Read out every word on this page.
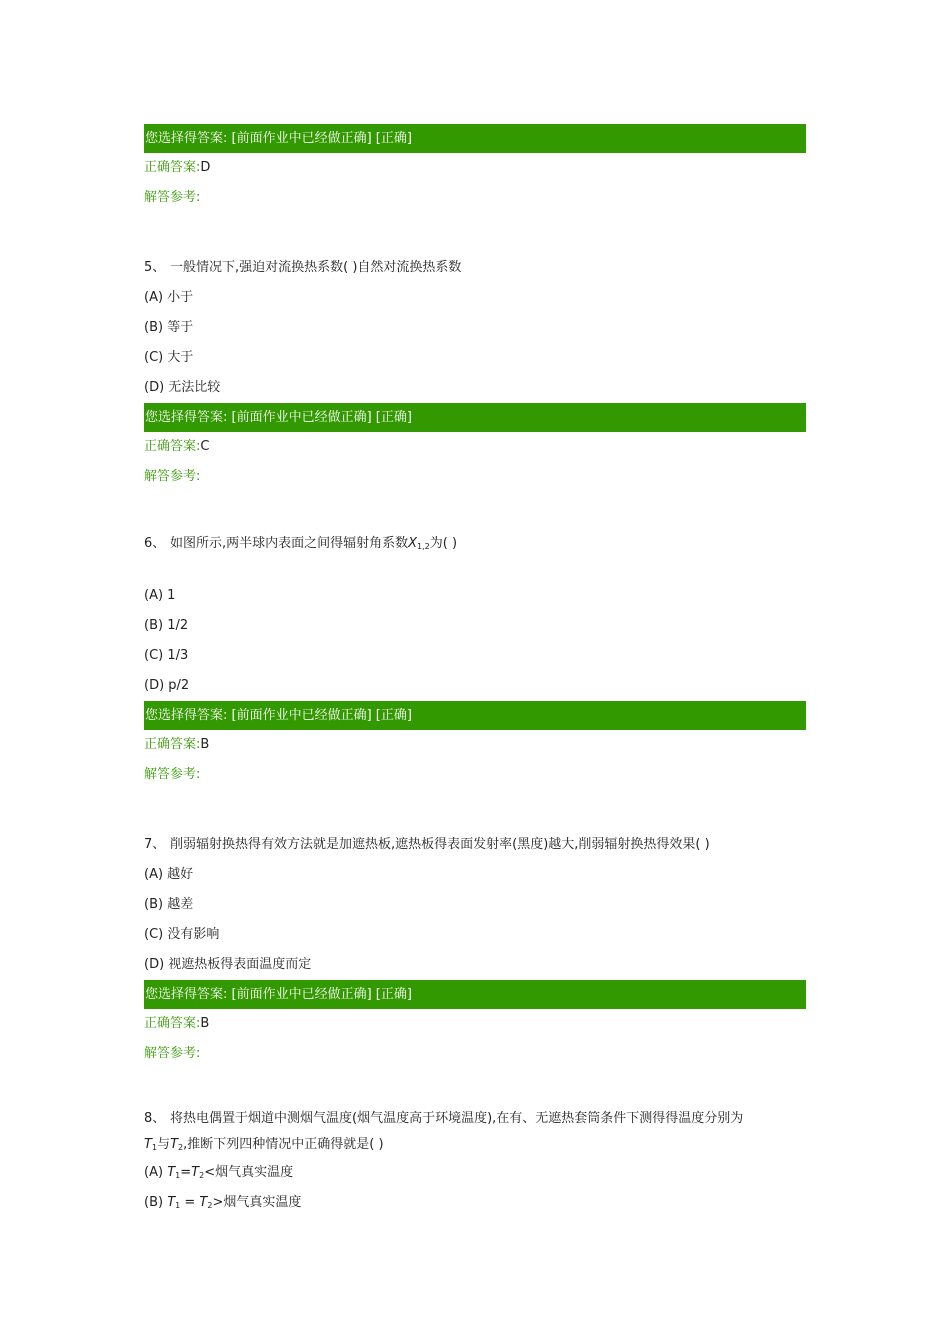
您选择得答案: [前面作业中已经做正确] [正确]
正确答案:D
解答参考:
5、 一般情况下,强迫对流换热系数( )自然对流换热系数
(A) 小于
(B) 等于
(C) 大于
(D) 无法比较
您选择得答案: [前面作业中已经做正确] [正确]
正确答案:C
解答参考:
6、 如图所示,两半球内表面之间得辐射角系数$X_{1,2}$为( )
(A) 1
(B) 1/2
(C) 1/3
(D) p/2
您选择得答案: [前面作业中已经做正确] [正确]
正确答案:B
解答参考:
7、 削弱辐射换热得有效方法就是加遮热板,遮热板得表面发射率(黑度)越大,削弱辐射换热得效果( )
(A) 越好
(B) 越差
(C) 没有影响
(D) 视遮热板得表面温度而定
您选择得答案: [前面作业中已经做正确] [正确]
正确答案:B
解答参考:
8、 将热电偶置于烟道中测烟气温度(烟气温度高于环境温度),在有、无遮热套筒条件下测得得温度分别为
$T_1$与$T_2$,推断下列四种情况中正确得就是( )
(A) $T_1=T_2<$烟气真实温度
(B) $T_1 = T_2>$烟气真实温度
